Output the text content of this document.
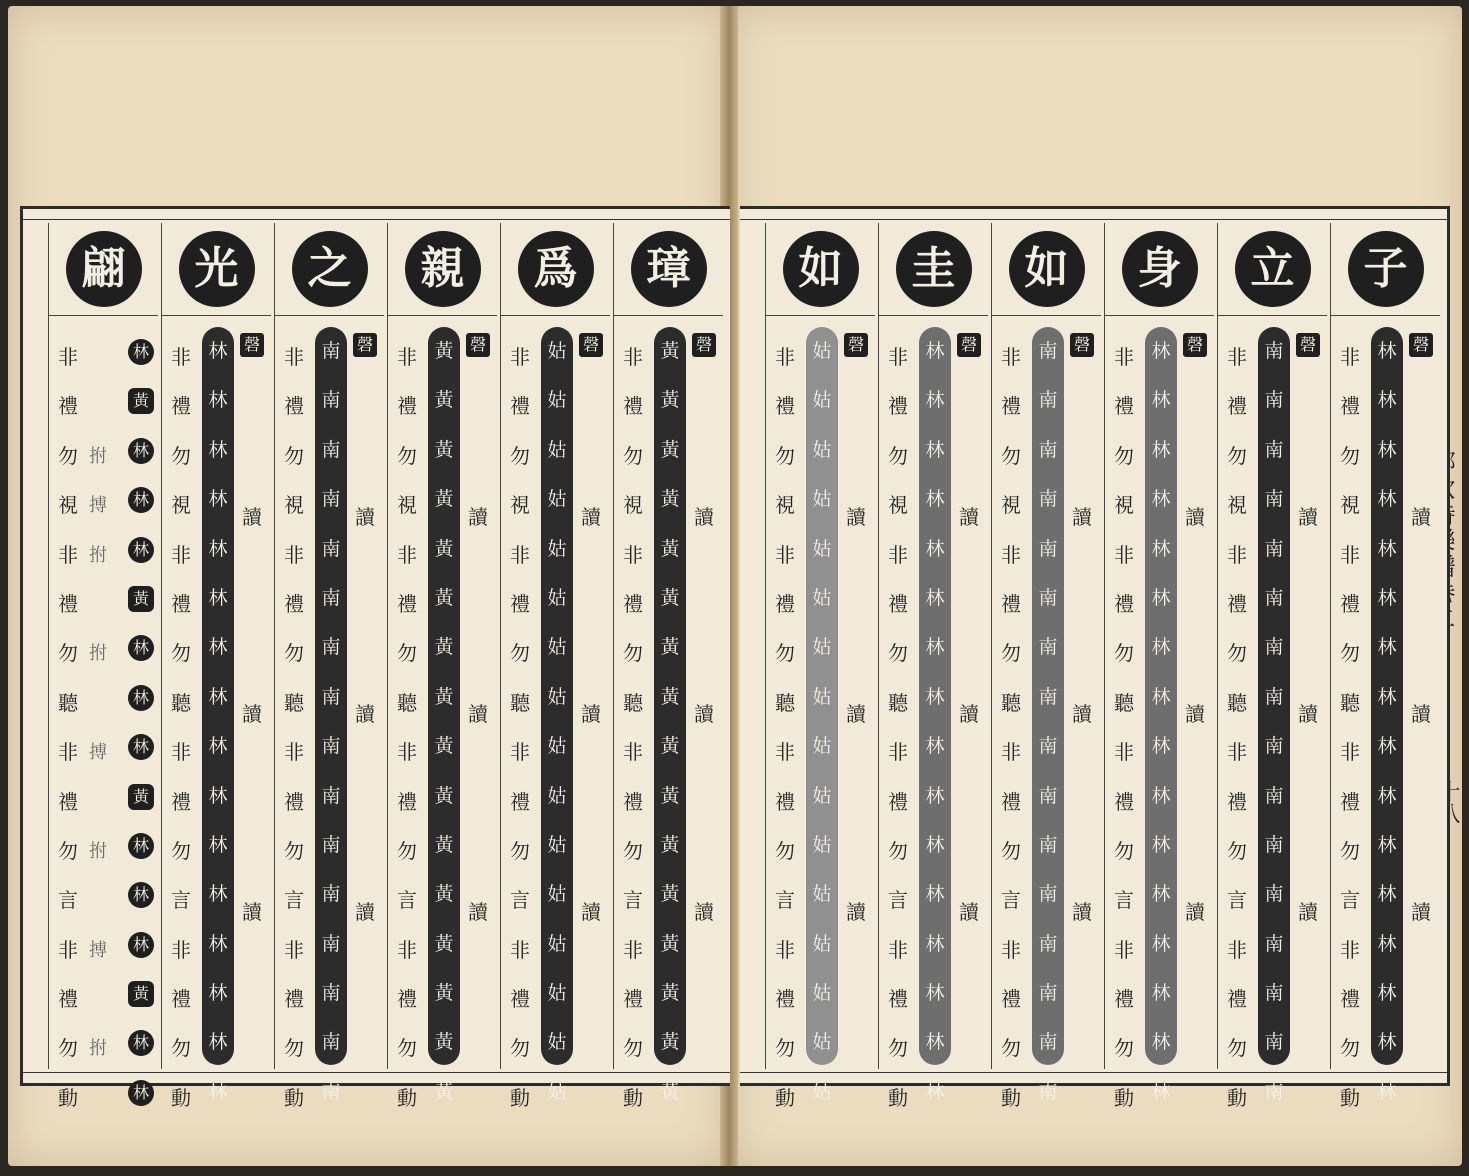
璋
非
禮
勿
視
非
禮
勿
聽
非
禮
勿
言
非
禮
勿
動
黃
黃
黃
黃
黃
黃
黃
黃
黃
黃
黃
黃
黃
黃
黃
黃
磬
讀
讀
讀
爲
非
禮
勿
視
非
禮
勿
聽
非
禮
勿
言
非
禮
勿
動
姑
姑
姑
姑
姑
姑
姑
姑
姑
姑
姑
姑
姑
姑
姑
姑
磬
讀
讀
讀
親
非
禮
勿
視
非
禮
勿
聽
非
禮
勿
言
非
禮
勿
動
黃
黃
黃
黃
黃
黃
黃
黃
黃
黃
黃
黃
黃
黃
黃
黃
磬
讀
讀
讀
之
非
禮
勿
視
非
禮
勿
聽
非
禮
勿
言
非
禮
勿
動
南
南
南
南
南
南
南
南
南
南
南
南
南
南
南
南
磬
讀
讀
讀
光
非
禮
勿
視
非
禮
勿
聽
非
禮
勿
言
非
禮
勿
動
林
林
林
林
林
林
林
林
林
林
林
林
林
林
林
林
磬
讀
讀
讀
翩
非
禮
勿
視
非
禮
勿
聽
非
禮
勿
言
非
禮
勿
動
林
黃
林
林
林
黃
林
林
林
黃
林
林
林
黃
林
林
拊
搏
拊
拊
搏
拊
搏
拊
子
非
禮
勿
視
非
禮
勿
聽
非
禮
勿
言
非
禮
勿
動
林
林
林
林
林
林
林
林
林
林
林
林
林
林
林
林
磬
讀
讀
讀
立
非
禮
勿
視
非
禮
勿
聽
非
禮
勿
言
非
禮
勿
動
南
南
南
南
南
南
南
南
南
南
南
南
南
南
南
南
磬
讀
讀
讀
身
非
禮
勿
視
非
禮
勿
聽
非
禮
勿
言
非
禮
勿
動
林
林
林
林
林
林
林
林
林
林
林
林
林
林
林
林
磬
讀
讀
讀
如
非
禮
勿
視
非
禮
勿
聽
非
禮
勿
言
非
禮
勿
動
南
南
南
南
南
南
南
南
南
南
南
南
南
南
南
南
磬
讀
讀
讀
圭
非
禮
勿
視
非
禮
勿
聽
非
禮
勿
言
非
禮
勿
動
林
林
林
林
林
林
林
林
林
林
林
林
林
林
林
林
磬
讀
讀
讀
如
非
禮
勿
視
非
禮
勿
聽
非
禮
勿
言
非
禮
勿
動
姑
姑
姑
姑
姑
姑
姑
姑
姑
姑
姑
姑
姑
姑
姑
姑
磬
讀
讀
讀
